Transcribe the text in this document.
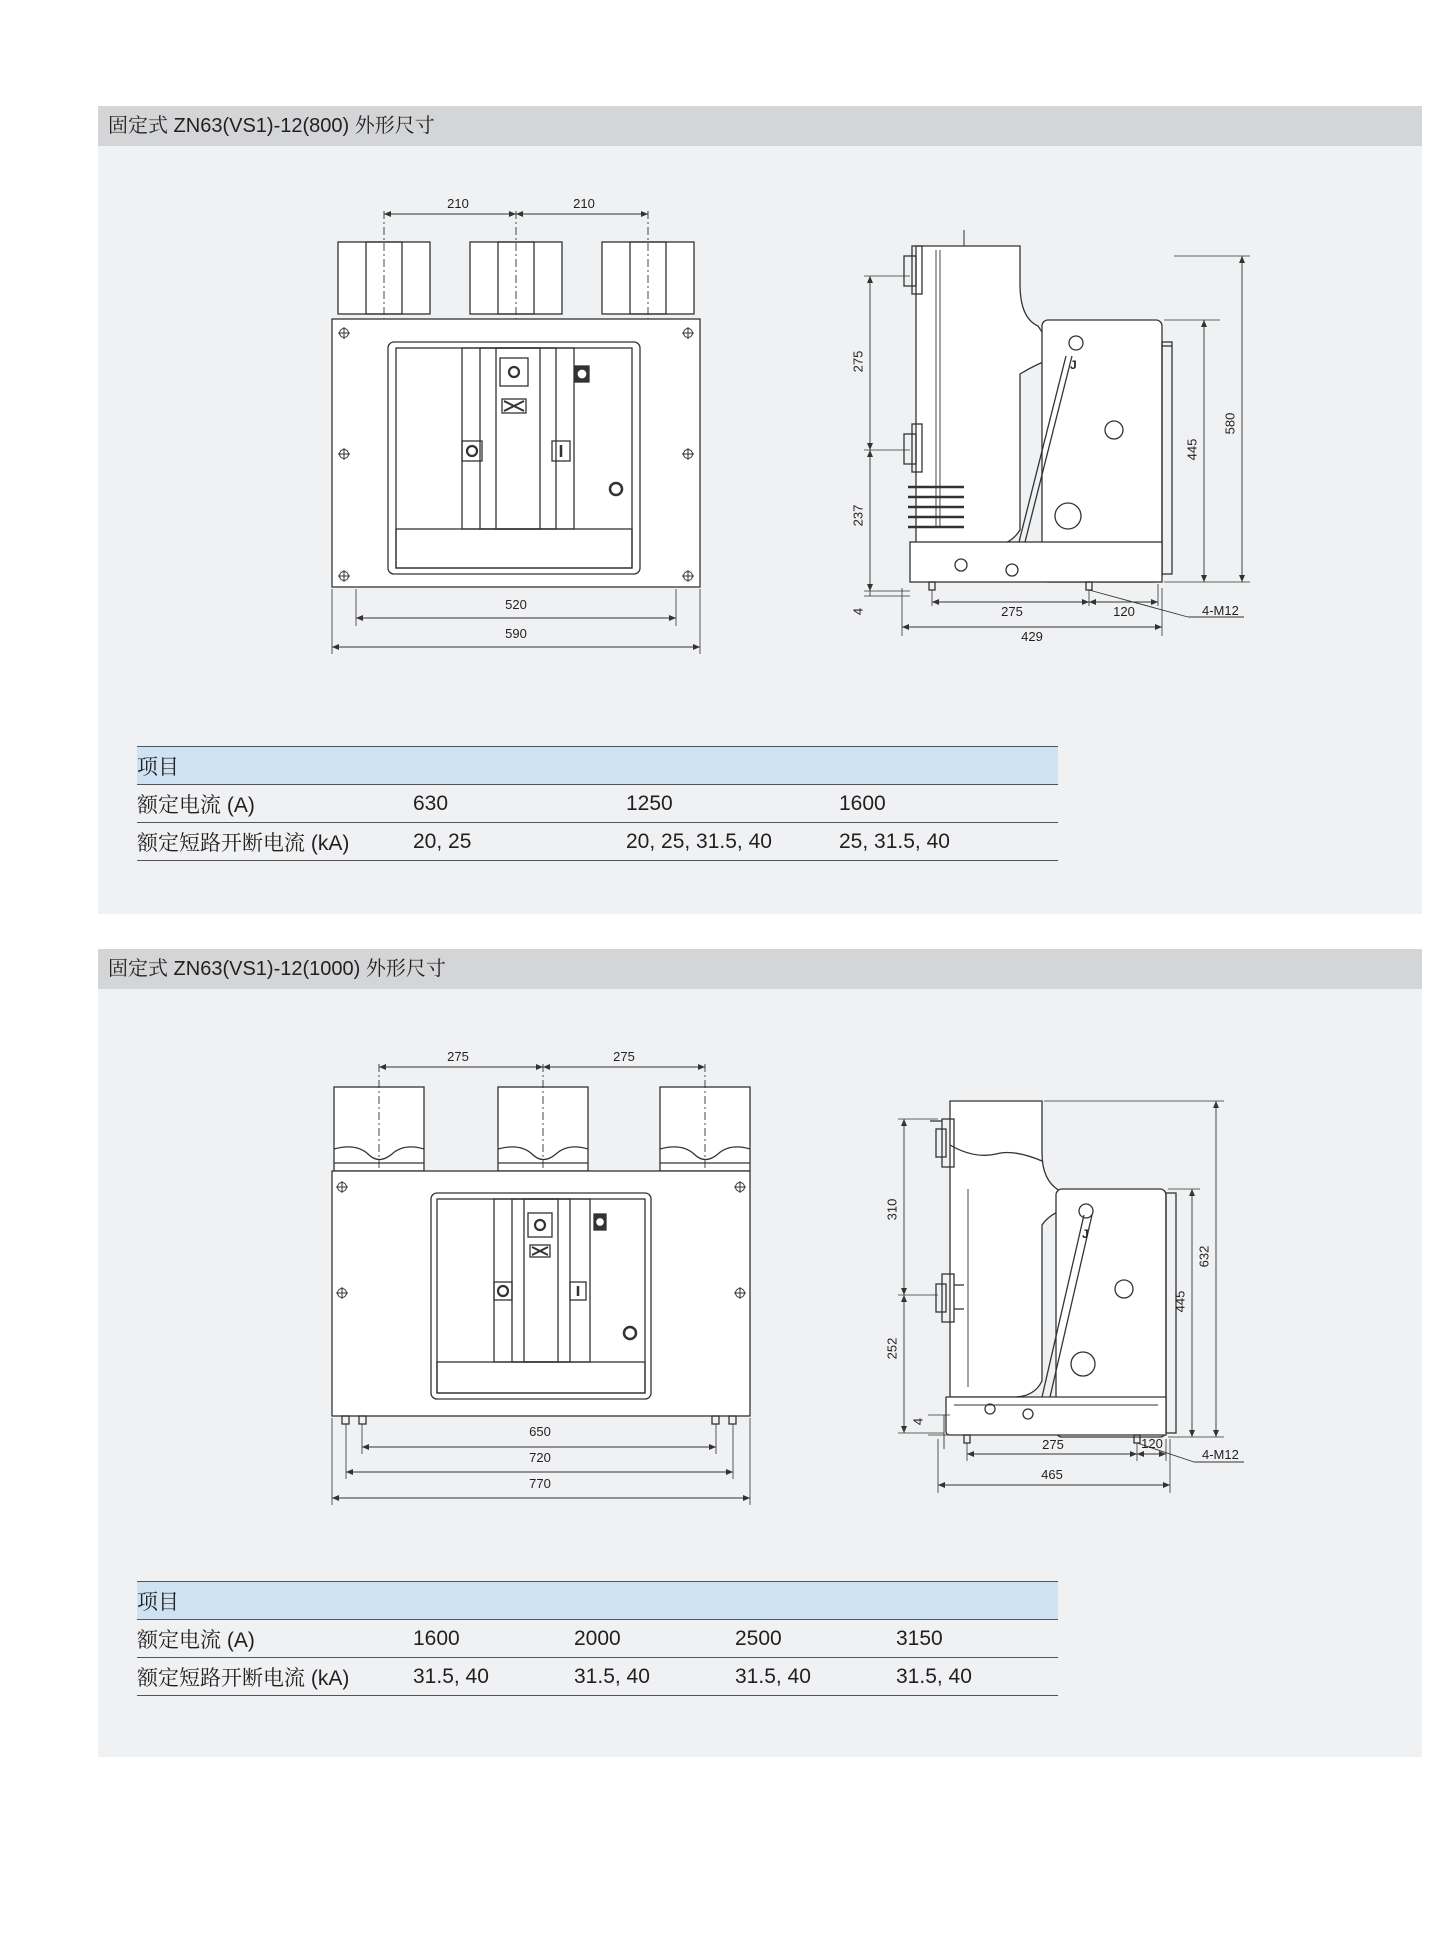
固定式 ZN63(VS1)-12(800) 外形尺寸
J
210	210
520
590
275
237
4
445
580
275	120
429
4-M12
项目			
额定电流 (A)	630	1250	1600
额定短路开断电流 (kA)	20, 25	20, 25, 31.5, 40	25, 31.5, 40
固定式 ZN63(VS1)-12(1000) 外形尺寸
J
275	275
650
720
770
310
252
4
445
632
275	120
465
4-M12
项目				
额定电流 (A)	1600	2000	2500	3150
额定短路开断电流 (kA)	31.5, 40	31.5, 40	31.5, 40	31.5, 40
